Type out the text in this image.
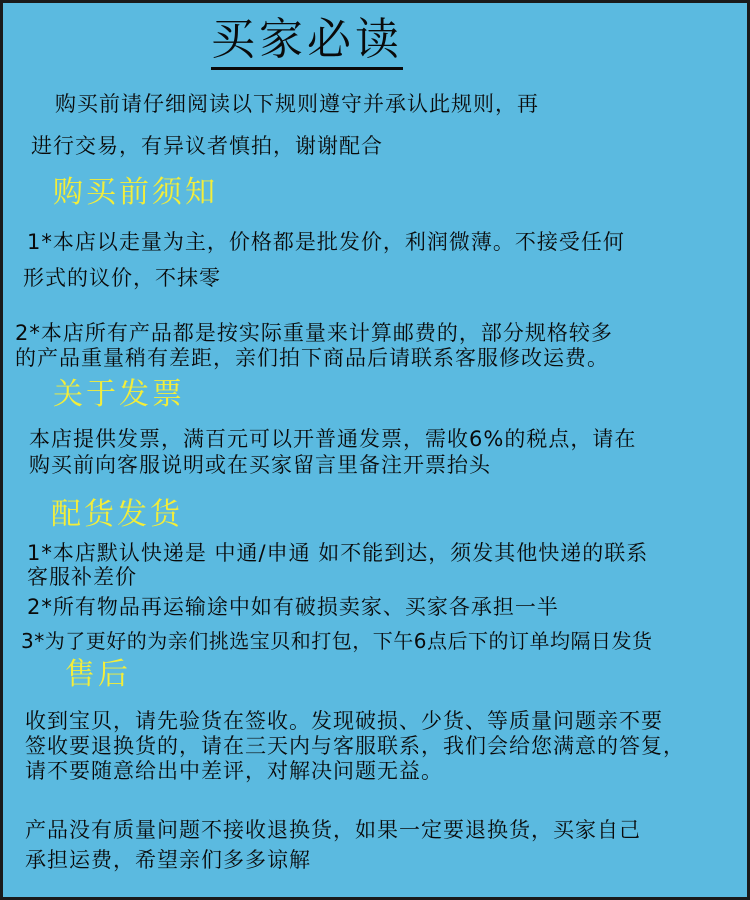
买家必读
购买前请仔细阅读以下规则遵守并承认此规则，再
进行交易，有异议者慎拍，谢谢配合
购买前须知
1*本店以走量为主，价格都是批发价，利润微薄。不接受任何
形式的议价，不抹零
2*本店所有产品都是按实际重量来计算邮费的，部分规格较多
的产品重量稍有差距，亲们拍下商品后请联系客服修改运费。
关于发票
本店提供发票，满百元可以开普通发票，需收6%的税点，请在
购买前向客服说明或在买家留言里备注开票抬头
配货发货
1*本店默认快递是 中通/申通 如不能到达，须发其他快递的联系
客服补差价
2*所有物品再运输途中如有破损卖家、买家各承担一半
3*为了更好的为亲们挑选宝贝和打包，下午6点后下的订单均隔日发货
售后
收到宝贝，请先验货在签收。发现破损、少货、等质量问题亲不要
签收要退换货的，请在三天内与客服联系，我们会给您满意的答复，
请不要随意给出中差评，对解决问题无益。
产品没有质量问题不接收退换货，如果一定要退换货，买家自己
承担运费，希望亲们多多谅解
